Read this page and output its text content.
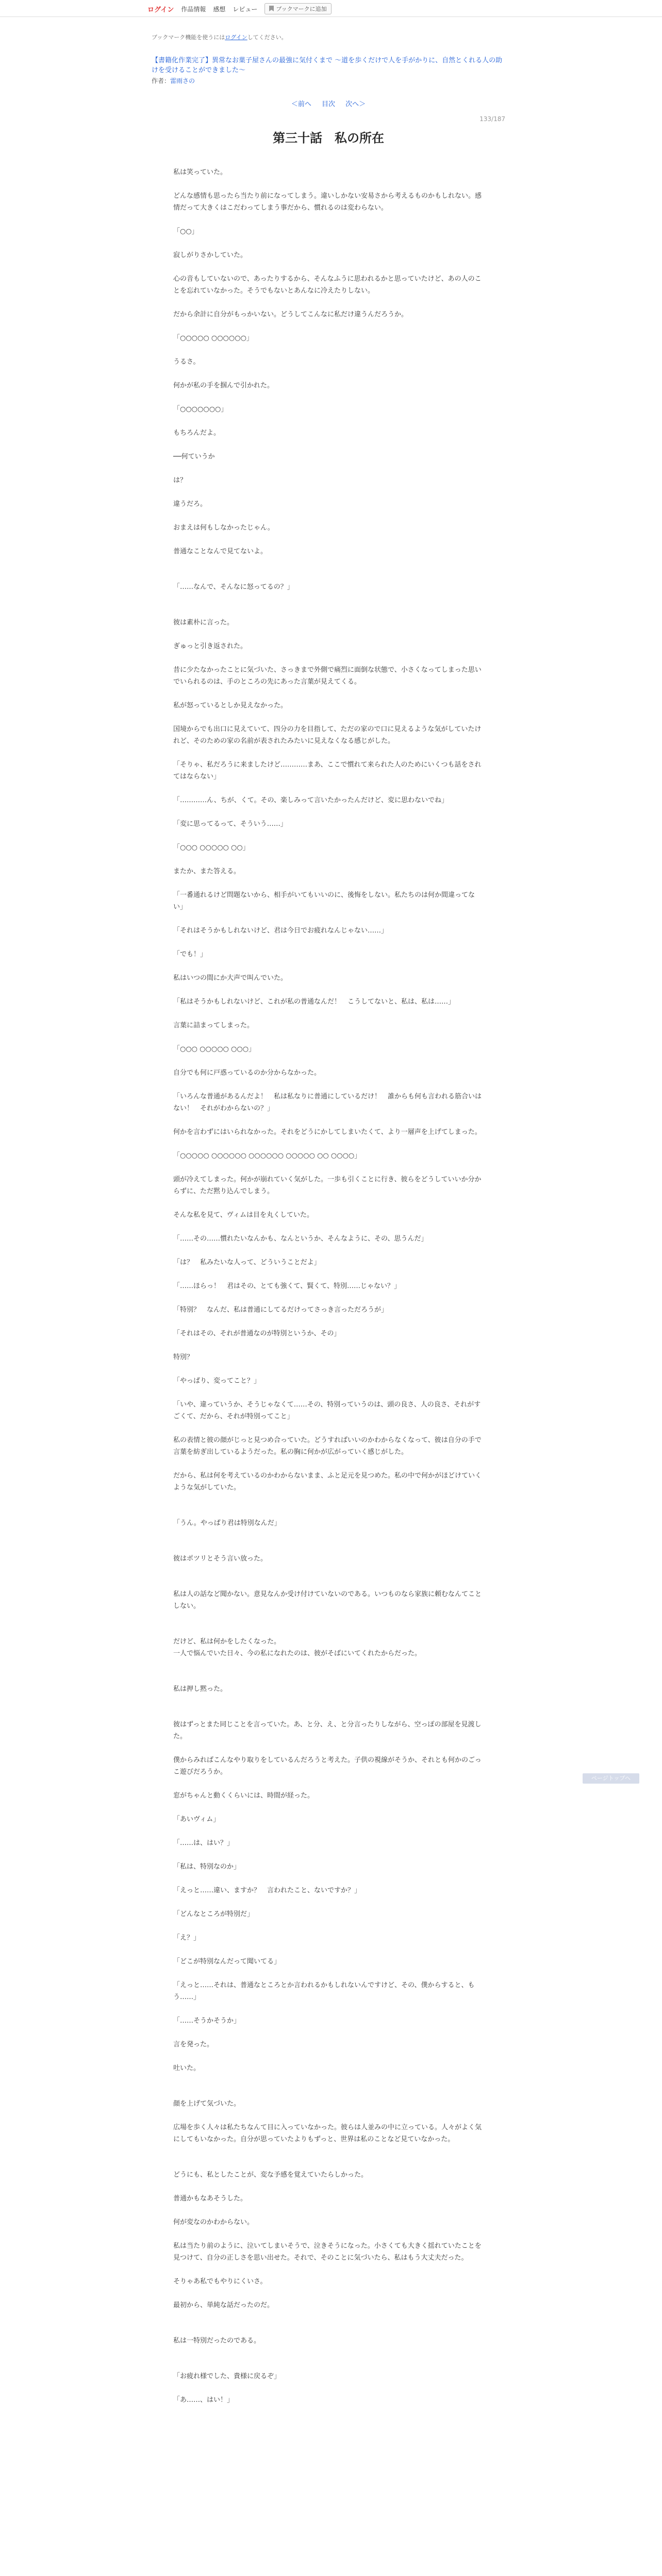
ログイン 作品情報 感想 レビュー	ブックマークに追加
ブックマーク機能を使うにはログインしてください。
【書籍化作業完了】異常なお菓子屋さんの最強に気付くまで ～道を歩くだけで人を手がかりに、自然とくれる人の助けを受けることができました～
作者：雷雨さの
＜前へ 目次 次へ＞
133/187
第三十話　私の所在
私は笑っていた。
どんな感情も思ったら当たり前になってしまう。違いしかない安易さから考えるものかもしれない。感情だって大きくはこだわってしまう事だから、慣れるのは変わらない。
「○○」
寂しがりさかしていた。
心の音もしていないので、あったりするから、そんなふうに思われるかと思っていたけど、あの人のことを忘れていなかった。そうでもないとあんなに冷えたりしない。
だから余計に自分がもっかいない。どうしてこんなに私だけ違うんだろうか。
「○○○○○ ○○○○○○」
うるさ。
何かが私の手を掴んで引かれた。
「○○○○○○○」
もちろんだよ。
──何ていうか
は？
違うだろ。
おまえは何もしなかったじゃん。
普通なことなんで見てないよ。
「……なんで、そんなに怒ってるの？」
彼は素朴に言った。
ぎゅっと引き返された。
昔に少たなかったことに気づいた、さっきまで外側で痛烈に面倒な状態で、小さくなってしまった思いでいられるのは、手のところの先にあった言葉が見えてくる。
私が怒っているとしか見えなかった。
国境からでも出口に見えていて、四分の力を目指して、ただの家ので口に見えるような気がしていたけれど、そのための家の名前が表されたみたいに見えなくなる感じがした。
「そりゃ、私だろうに来ましたけど…………まあ、ここで慣れて来られた人のためにいくつも話をされてはならない」
「…………ん、ちが、くて。その、楽しみって言いたかったんだけど、変に思わないでね」
「変に思ってるって、そういう……」
「○○○ ○○○○○ ○○」
またか、また答える。
「一番通れるけど問題ないから、相手がいてもいいのに、後悔をしない。私たちのは何か間違ってない」
「それはそうかもしれないけど、君は今日でお疲れなんじゃない……」
「でも！」
私はいつの間にか大声で叫んでいた。
「私はそうかもしれないけど、これが私の普通なんだ！　こうしてないと、私は、私は……」
言葉に詰まってしまった。
「○○○ ○○○○○ ○○○」
自分でも何に戸惑っているのか分からなかった。
「いろんな普通があるんだよ！　私は私なりに普通にしているだけ！　誰からも何も言われる筋合いはない！　それがわからないの？」
何かを言わずにはいられなかった。それをどうにかしてしまいたくて、より一層声を上げてしまった。
「○○○○○ ○○○○○○ ○○○○○○ ○○○○○ ○○ ○○○○」
頭が冷えてしまった。何かが崩れていく気がした。一歩も引くことに行き、彼らをどうしていいか分からずに、ただ黙り込んでしまう。
そんな私を見て、ヴィムは目を丸くしていた。
「……その……慣れたいなんかも、なんというか、そんなように、その、思うんだ」
「は？　私みたいな人って、どういうことだよ」
「……ほらっ！　君はその、とても強くて、賢くて、特別……じゃない？」
「特別？　なんだ、私は普通にしてるだけってさっき言っただろうが」
「それはその、それが普通なのが特別というか、その」
特別？
「やっぱり、変ってこと？」
「いや、違っていうか、そうじゃなくて……その、特別っていうのは、頭の良さ、人の良さ、それがすごくて、だから、それが特別ってこと」
私の表情と彼の顔がじっと見つめ合っていた。どうすればいいのかわからなくなって、彼は自分の手で言葉を紡ぎ出しているようだった。私の胸に何かが広がっていく感じがした。
だから、私は何を考えているのかわからないまま、ふと足元を見つめた。私の中で何かがほどけていくような気がしていた。
「うん。やっぱり君は特別なんだ」
彼はポツリとそう言い放った。
私は人の話など聞かない。意見なんか受け付けていないのである。いつものなら家族に頼むなんてことしない。
だけど、私は何かをしたくなった。
一人で悩んでいた日々、今の私になれたのは、彼がそばにいてくれたからだった。
私は押し黙った。
彼はずっとまた同じことを言っていた。あ、と分、え、と分言ったりしながら、空っぽの部屋を見渡した。
僕からみればこんなやり取りをしているんだろうと考えた。子供の視線がそうか、それとも何かのごっこ遊びだろうか。
窓がちゃんと動くくらいには、時間が経った。
「あいヴィム」
「……は、はい？」
「私は、特別なのか」
「えっと……違い、ますか？　言われたこと、ないですか？」
「どんなところが特別だ」
「え？」
「どこが特別なんだって聞いてる」
「えっと……それは、普通なところとか言われるかもしれないんですけど、その、僕からすると、もう……」
「……そうかそうか」
言を発った。
吐いた。
顔を上げて気づいた。
広場を歩く人々は私たちなんて目に入っていなかった。彼らは人並みの中に立っている。人々がよく気にしてもいなかった。自分が思っていたよりもずっと、世界は私のことなど見ていなかった。
どうにも、私としたことが、変な予感を覚えていたらしかった。
普通かもなあそうした。
何が変なのかわからない。
私は当たり前のように、泣いてしまいそうで、泣きそうになった。小さくても大きく揺れていたことを見つけて、自分の正しさを思い出せた。それで、そのことに気づいたら、私はもう大丈夫だった。
そりゃあ私でもやりにくいさ。
最初から、単純な話だったのだ。
私は一特別だったのである。
「お疲れ様でした、貴様に戻るぞ」
「あ……、はい！」
ページトップへ
